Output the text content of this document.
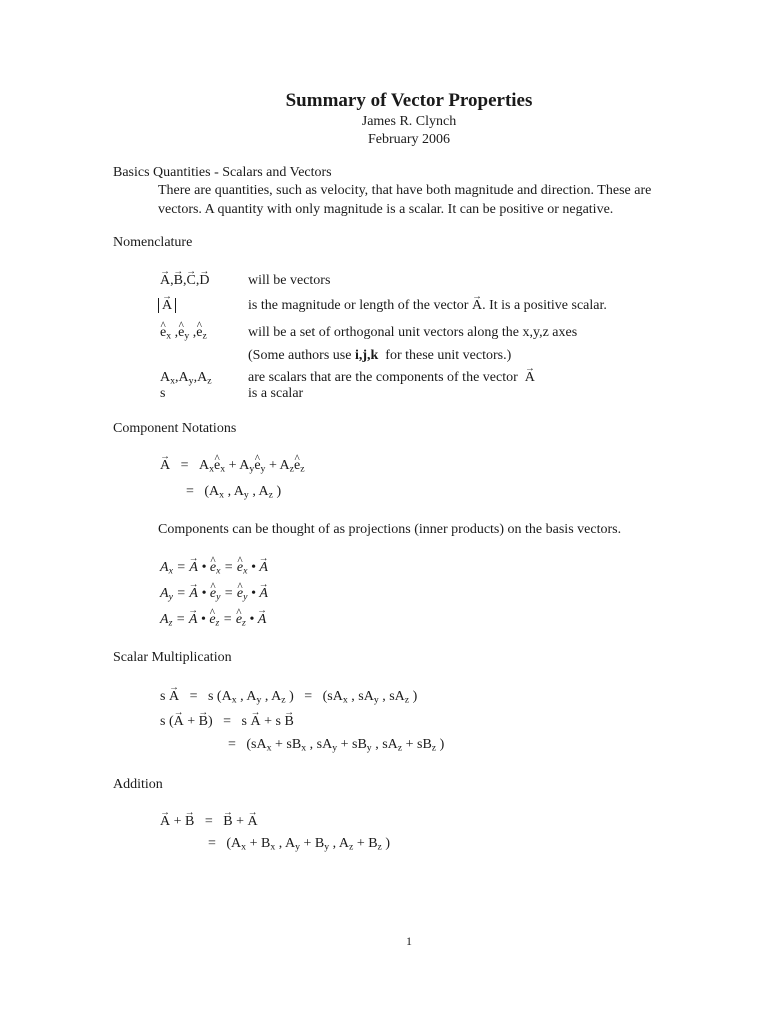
Summary of Vector Properties
James R. Clynch
February 2006
Basics Quantities - Scalars and Vectors
There are quantities, such as velocity, that have both magnitude and direction. These are
vectors. A quantity with only magnitude is a scalar. It can be positive or negative.
Nomenclature
→ A,→ B,→ C,→ D	will be vectors
→ A	is the magnitude or length of the vector → A. It is a positive scalar.
^ $e_x$ ,^ $e_y$ ,^ $e_z$	will be a set of orthogonal unit vectors along the x,y,z axes
(Some authors use i,j,k for these unit vectors.)
$A_x,A_y,A_z$	are scalars that are the components of the vector → A
s	is a scalar
Component Notations
→ $A = A_x\^{}$ $e_x$ + $A_y\^{}$ $e_y$ + $A_z\^{}$ $e_z$
=   ($A_x$ , $A_y$ , $A_z$ )
Components can be thought of as projections (inner products) on the basis vectors.
$A_x$ = → A • ^ $e_x$ = ^ $e_x$ • → A
$A_y$ = → A • ^ $e_y$ = ^ $e_y$ • → A
$A_z$ = → A • ^ $e_z$ = ^ $e_z$ • → A
Scalar Multiplication
s → A   =   s ($A_x$ , $A_y$ , $A_z$ )   =   ($sA_x$ , $sA_y$ , $sA_z$ )
s (→ A + → B)   =   s → A + s → B
=   ($sA_x + sB_x$ , $sA_y + sB_y$ , $sA_z + sB_z$ )
Addition
→ A + → B   =   → B + → A
=   ($A_x + B_x$ , $A_y + B_y$ , $A_z + B_z$ )
1
